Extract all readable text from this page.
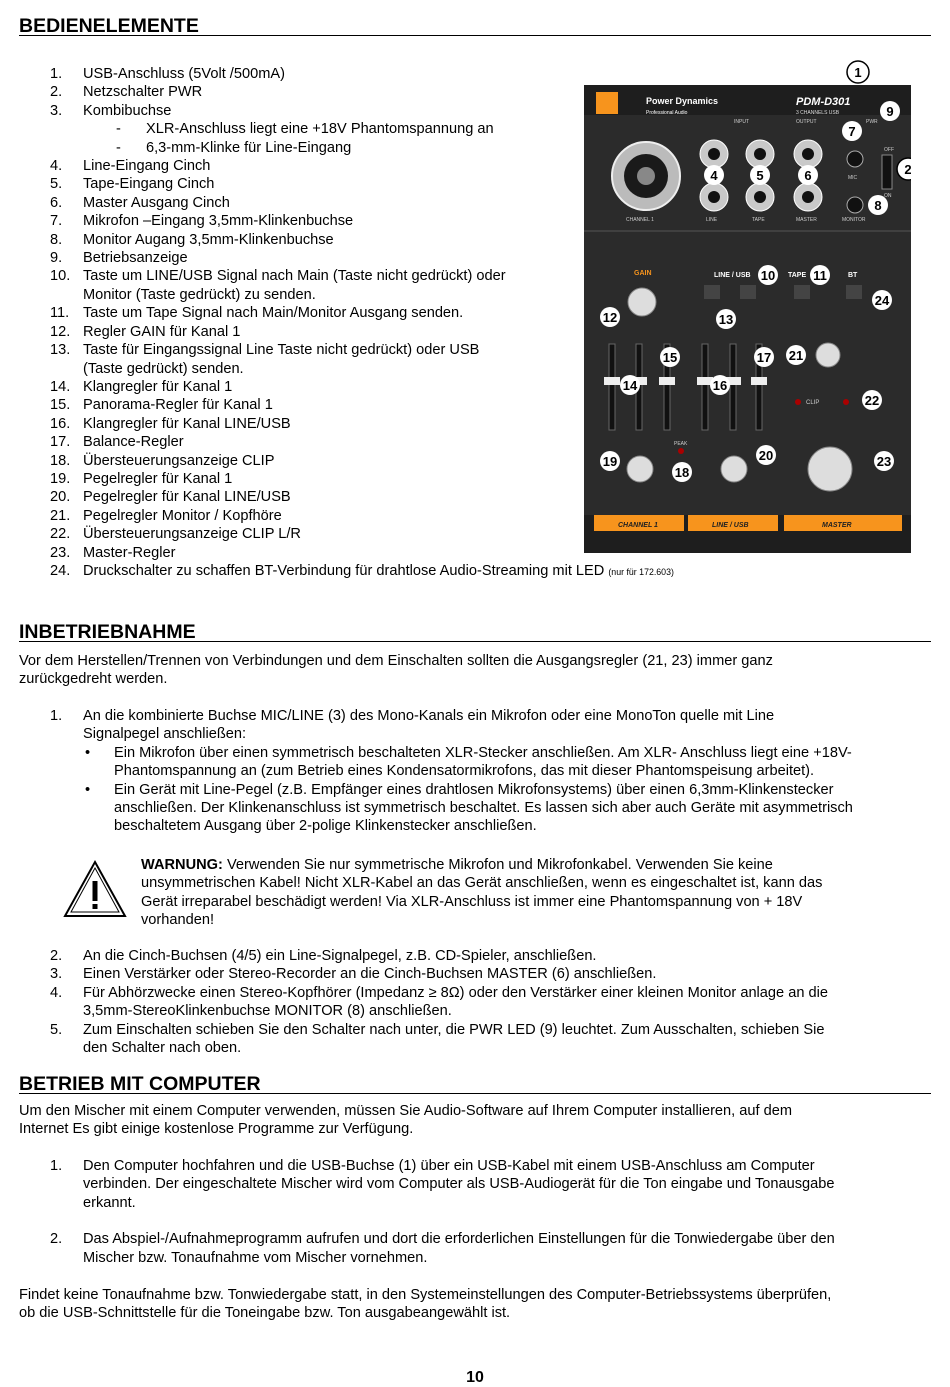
BEDIENELEMENTE
1. USB-Anschluss (5Volt /500mA)
2. Netzschalter PWR
3. Kombibuchse
- XLR-Anschluss liegt eine +18V Phantomspannung an
- 6,3-mm-Klinke für Line-Eingang
4. Line-Eingang Cinch
5. Tape-Eingang Cinch
6. Master Ausgang Cinch
7. Mikrofon –Eingang 3,5mm-Klinkenbuchse
8. Monitor Augang 3,5mm-Klinkenbuchse
9. Betriebsanzeige
10. Taste um LINE/USB Signal nach Main (Taste nicht gedrückt) oder
Monitor (Taste gedrückt) zu senden.
11. Taste um Tape Signal nach Main/Monitor Ausgang senden.
12. Regler GAIN für Kanal 1
13. Taste für Eingangssignal Line Taste nicht gedrückt) oder USB
(Taste gedrückt) senden.
14. Klangregler für Kanal 1
15. Panorama-Regler für Kanal 1
16. Klangregler für Kanal LINE/USB
17. Balance-Regler
18. Übersteuerungsanzeige CLIP
19. Pegelregler für Kanal 1
20. Pegelregler für Kanal LINE/USB
21. Pegelregler Monitor / Kopfhöre
22. Übersteuerungsanzeige CLIP L/R
23. Master-Regler
24. Druckschalter zu schaffen BT-Verbindung für drahtlose Audio-Streaming mit LED (nur für 172.603)
Power Dynamics
Professional Audio
PDM-D301
3 CHANNELS USB
INPUT	OUTPUT	PWR
OFF
ON
MIC
CHANNEL 1	LINE	TAPE	MASTER	MONITOR
GAIN	LINE / USB	TAPE	BT
CLIP
PEAK
CHANNEL 1	LINE / USB	MASTER
1
2
4	5	6
7
8
9
10	11
12	13
14
15
16
17
18
19	20
21
22
23
24
INBETRIEBNAHME
Vor dem Herstellen/Trennen von Verbindungen und dem Einschalten sollten die Ausgangsregler (21, 23) immer ganz
zurückgedreht werden.
1. An die kombinierte Buchse MIC/LINE (3) des Mono-Kanals ein Mikrofon oder eine MonoTon quelle mit Line
Signalpegel anschließen:
• Ein Mikrofon über einen symmetrisch beschalteten XLR-Stecker anschließen. Am XLR- Anschluss liegt eine +18V-
Phantomspannung an (zum Betrieb eines Kondensatormikrofons, das mit dieser Phantomspeisung arbeitet).
• Ein Gerät mit Line-Pegel (z.B. Empfänger eines drahtlosen Mikrofonsystems) über einen 6,3mm-Klinkenstecker
anschließen. Der Klinkenanschluss ist symmetrisch beschaltet. Es lassen sich aber auch Geräte mit asymmetrisch
beschaltetem Ausgang über 2-polige Klinkenstecker anschließen.
WARNUNG: Verwenden Sie nur symmetrische Mikrofon und Mikrofonkabel. Verwenden Sie keine
unsymmetrischen Kabel! Nicht XLR-Kabel an das Gerät anschließen, wenn es eingeschaltet ist, kann das
Gerät irreparabel beschädigt werden! Via XLR-Anschluss ist immer eine Phantomspannung von + 18V
vorhanden!
2. An die Cinch-Buchsen (4/5) ein Line-Signalpegel, z.B. CD-Spieler, anschließen.
3. Einen Verstärker oder Stereo-Recorder an die Cinch-Buchsen MASTER (6) anschließen.
4. Für Abhörzwecke einen Stereo-Kopfhörer (Impedanz ≥ 8Ω) oder den Verstärker einer kleinen Monitor anlage an die
3,5mm-StereoKlinkenbuchse MONITOR (8) anschließen.
5. Zum Einschalten schieben Sie den Schalter nach unter, die PWR LED (9) leuchtet. Zum Ausschalten, schieben Sie
den Schalter nach oben.
BETRIEB MIT COMPUTER
Um den Mischer mit einem Computer verwenden, müssen Sie Audio-Software auf Ihrem Computer installieren, auf dem
Internet Es gibt einige kostenlose Programme zur Verfügung.
1. Den Computer hochfahren und die USB-Buchse (1) über ein USB-Kabel mit einem USB-Anschluss am Computer
verbinden. Der eingeschaltete Mischer wird vom Computer als USB-Audiogerät für die Ton eingabe und Tonausgabe
erkannt.
2. Das Abspiel-/Aufnahmeprogramm aufrufen und dort die erforderlichen Einstellungen für die Tonwiedergabe über den
Mischer bzw. Tonaufnahme vom Mischer vornehmen.
Findet keine Tonaufnahme bzw. Tonwiedergabe statt, in den Systemeinstellungen des Computer-Betriebssystems überprüfen,
ob die USB-Schnittstelle für die Toneingabe bzw. Ton ausgabeangewählt ist.
10
